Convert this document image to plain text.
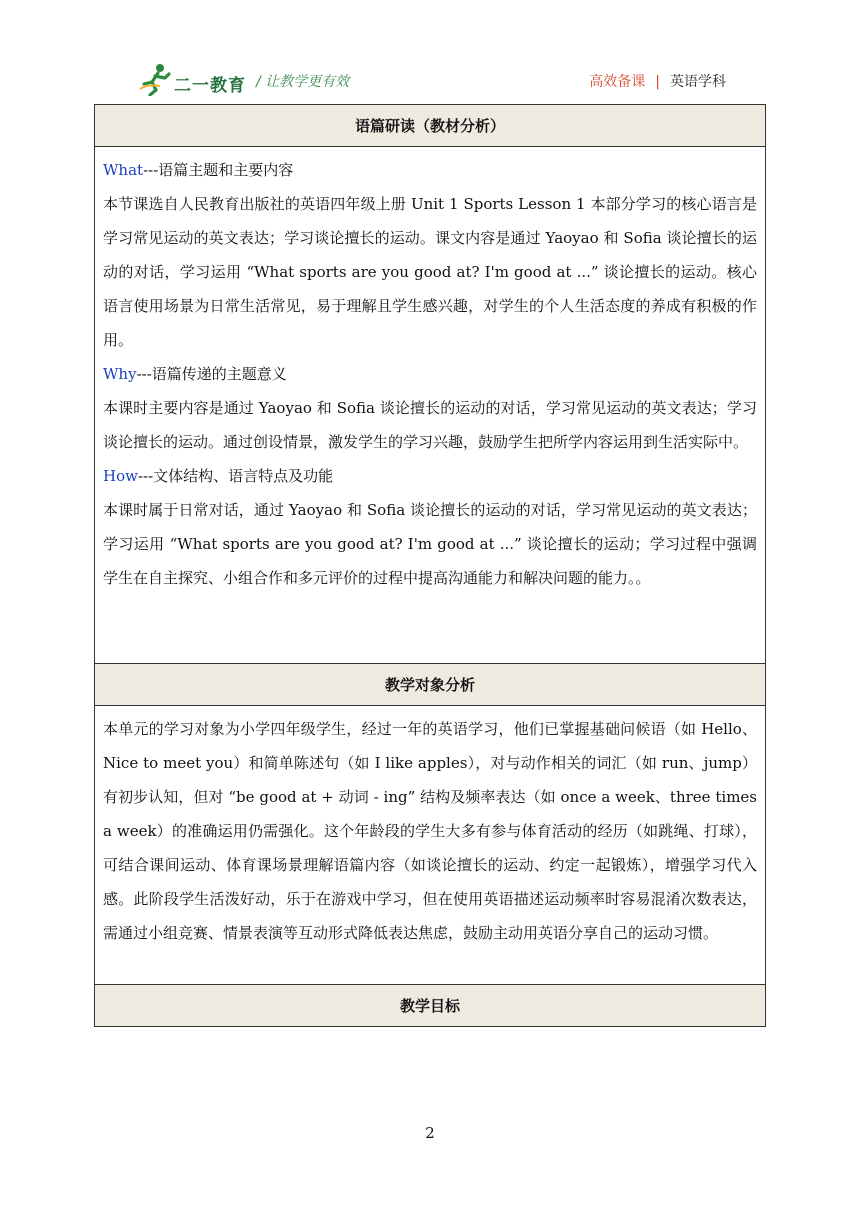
二一教育 / 让教学更有效	高效备课 | 英语学科
语篇研读（教材分析）

What---语篇主题和主要内容

本节课选自人民教育出版社的英语四年级上册 Unit 1 Sports Lesson 1 本部分学习的核心语言是学习常见运动的英文表达；学习谈论擅长的运动。课文内容是通过 Yaoyao 和 Sofia 谈论擅长的运动的对话，学习运用 “What sports are you good at? I'm good at ...” 谈论擅长的运动。核心语言使用场景为日常生活常见，易于理解且学生感兴趣，对学生的个人生活态度的养成有积极的作用。

Why---语篇传递的主题意义

本课时主要内容是通过 Yaoyao 和 Sofia 谈论擅长的运动的对话，学习常见运动的英文表达；学习谈论擅长的运动。通过创设情景，激发学生的学习兴趣，鼓励学生把所学内容运用到生活实际中。

How---文体结构、语言特点及功能

本课时属于日常对话，通过 Yaoyao 和 Sofia 谈论擅长的运动的对话，学习常见运动的英文表达；学习运用 “What sports are you good at? I'm good at ...” 谈论擅长的运动；学习过程中强调学生在自主探究、小组合作和多元评价的过程中提高沟通能力和解决问题的能力。。

教学对象分析

本单元的学习对象为小学四年级学生，经过一年的英语学习，他们已掌握基础问候语（如 Hello、Nice to meet you）和简单陈述句（如 I like apples），对与动作相关的词汇（如 run、jump）有初步认知，但对 “be good at + 动词 - ing” 结构及频率表达（如 once a week、three times a week）的准确运用仍需强化。这个年龄段的学生大多有参与体育活动的经历（如跳绳、打球），可结合课间运动、体育课场景理解语篇内容（如谈论擅长的运动、约定一起锻炼），增强学习代入感。此阶段学生活泼好动，乐于在游戏中学习，但在使用英语描述运动频率时容易混淆次数表达，需通过小组竞赛、情景表演等互动形式降低表达焦虑，鼓励主动用英语分享自己的运动习惯。

教学目标
2
